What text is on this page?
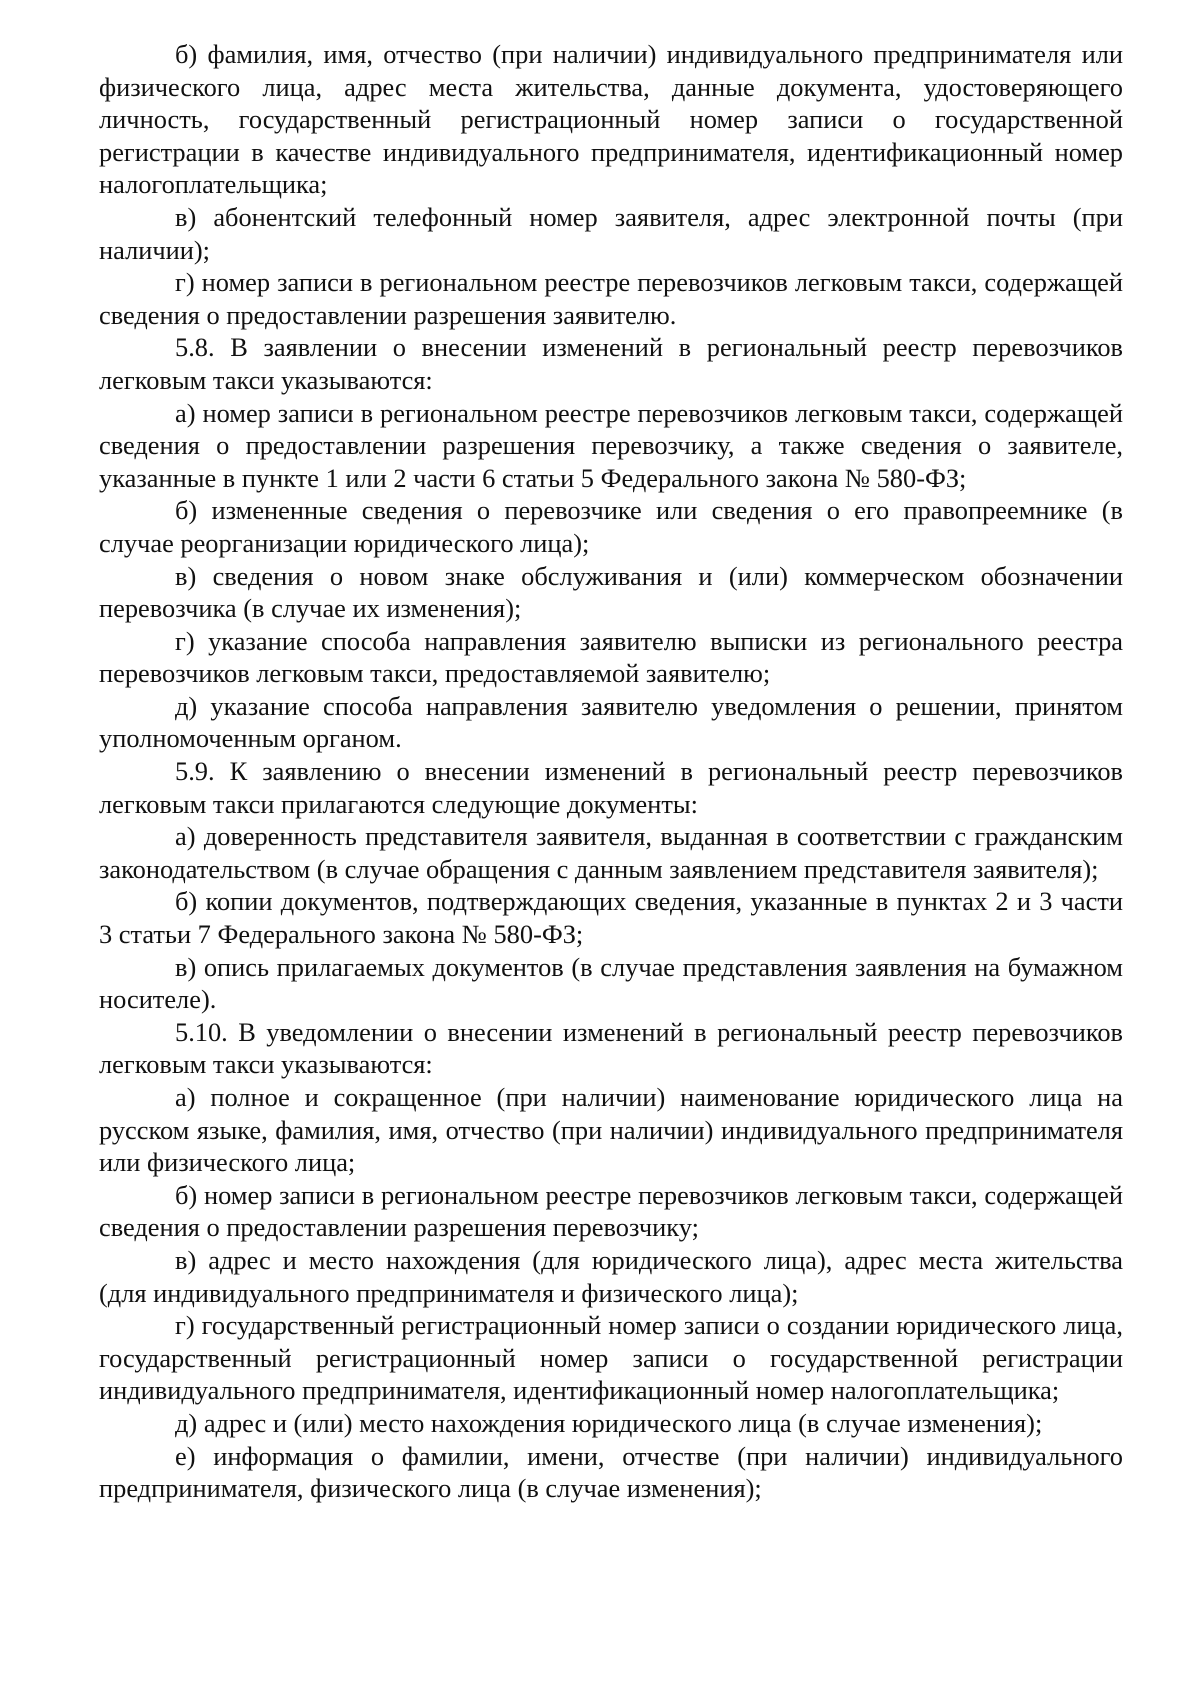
б) фамилия, имя, отчество (при наличии) индивидуального предпринимателя или физического лица, адрес места жительства, данные документа, удостоверяющего личность, государственный регистрационный номер записи о государственной регистрации в качестве индивидуального предпринимателя, идентификационный номер налогоплательщика;

в) абонентский телефонный номер заявителя, адрес электронной почты (при наличии);

г) номер записи в региональном реестре перевозчиков легковым такси, содержащей сведения о предоставлении разрешения заявителю.

5.8. В заявлении о внесении изменений в региональный реестр перевозчиков легковым такси указываются:

а) номер записи в региональном реестре перевозчиков легковым такси, содержащей сведения о предоставлении разрешения перевозчику, а также сведения о заявителе, указанные в пункте 1 или 2 части 6 статьи 5 Федерального закона № 580-ФЗ;

б) измененные сведения о перевозчике или сведения о его правопреемнике (в случае реорганизации юридического лица);

в) сведения о новом знаке обслуживания и (или) коммерческом обозначении перевозчика (в случае их изменения);

г) указание способа направления заявителю выписки из регионального реестра перевозчиков легковым такси, предоставляемой заявителю;

д) указание способа направления заявителю уведомления о решении, принятом уполномоченным органом.

5.9. К заявлению о внесении изменений в региональный реестр перевозчиков легковым такси прилагаются следующие документы:

а) доверенность представителя заявителя, выданная в соответствии с гражданским законодательством (в случае обращения с данным заявлением представителя заявителя);

б) копии документов, подтверждающих сведения, указанные в пунктах 2 и 3 части 3 статьи 7 Федерального закона № 580-ФЗ;

в) опись прилагаемых документов (в случае представления заявления на бумажном носителе).

5.10. В уведомлении о внесении изменений в региональный реестр перевозчиков легковым такси указываются:

а) полное и сокращенное (при наличии) наименование юридического лица на русском языке, фамилия, имя, отчество (при наличии) индивидуального предпринимателя или физического лица;

б) номер записи в региональном реестре перевозчиков легковым такси, содержащей сведения о предоставлении разрешения перевозчику;

в) адрес и место нахождения (для юридического лица), адрес места жительства (для индивидуального предпринимателя и физического лица);

г) государственный регистрационный номер записи о создании юридического лица, государственный регистрационный номер записи о государственной регистрации индивидуального предпринимателя, идентификационный номер налогоплательщика;

д) адрес и (или) место нахождения юридического лица (в случае изменения);

е) информация о фамилии, имени, отчестве (при наличии) индивидуального предпринимателя, физического лица (в случае изменения);
